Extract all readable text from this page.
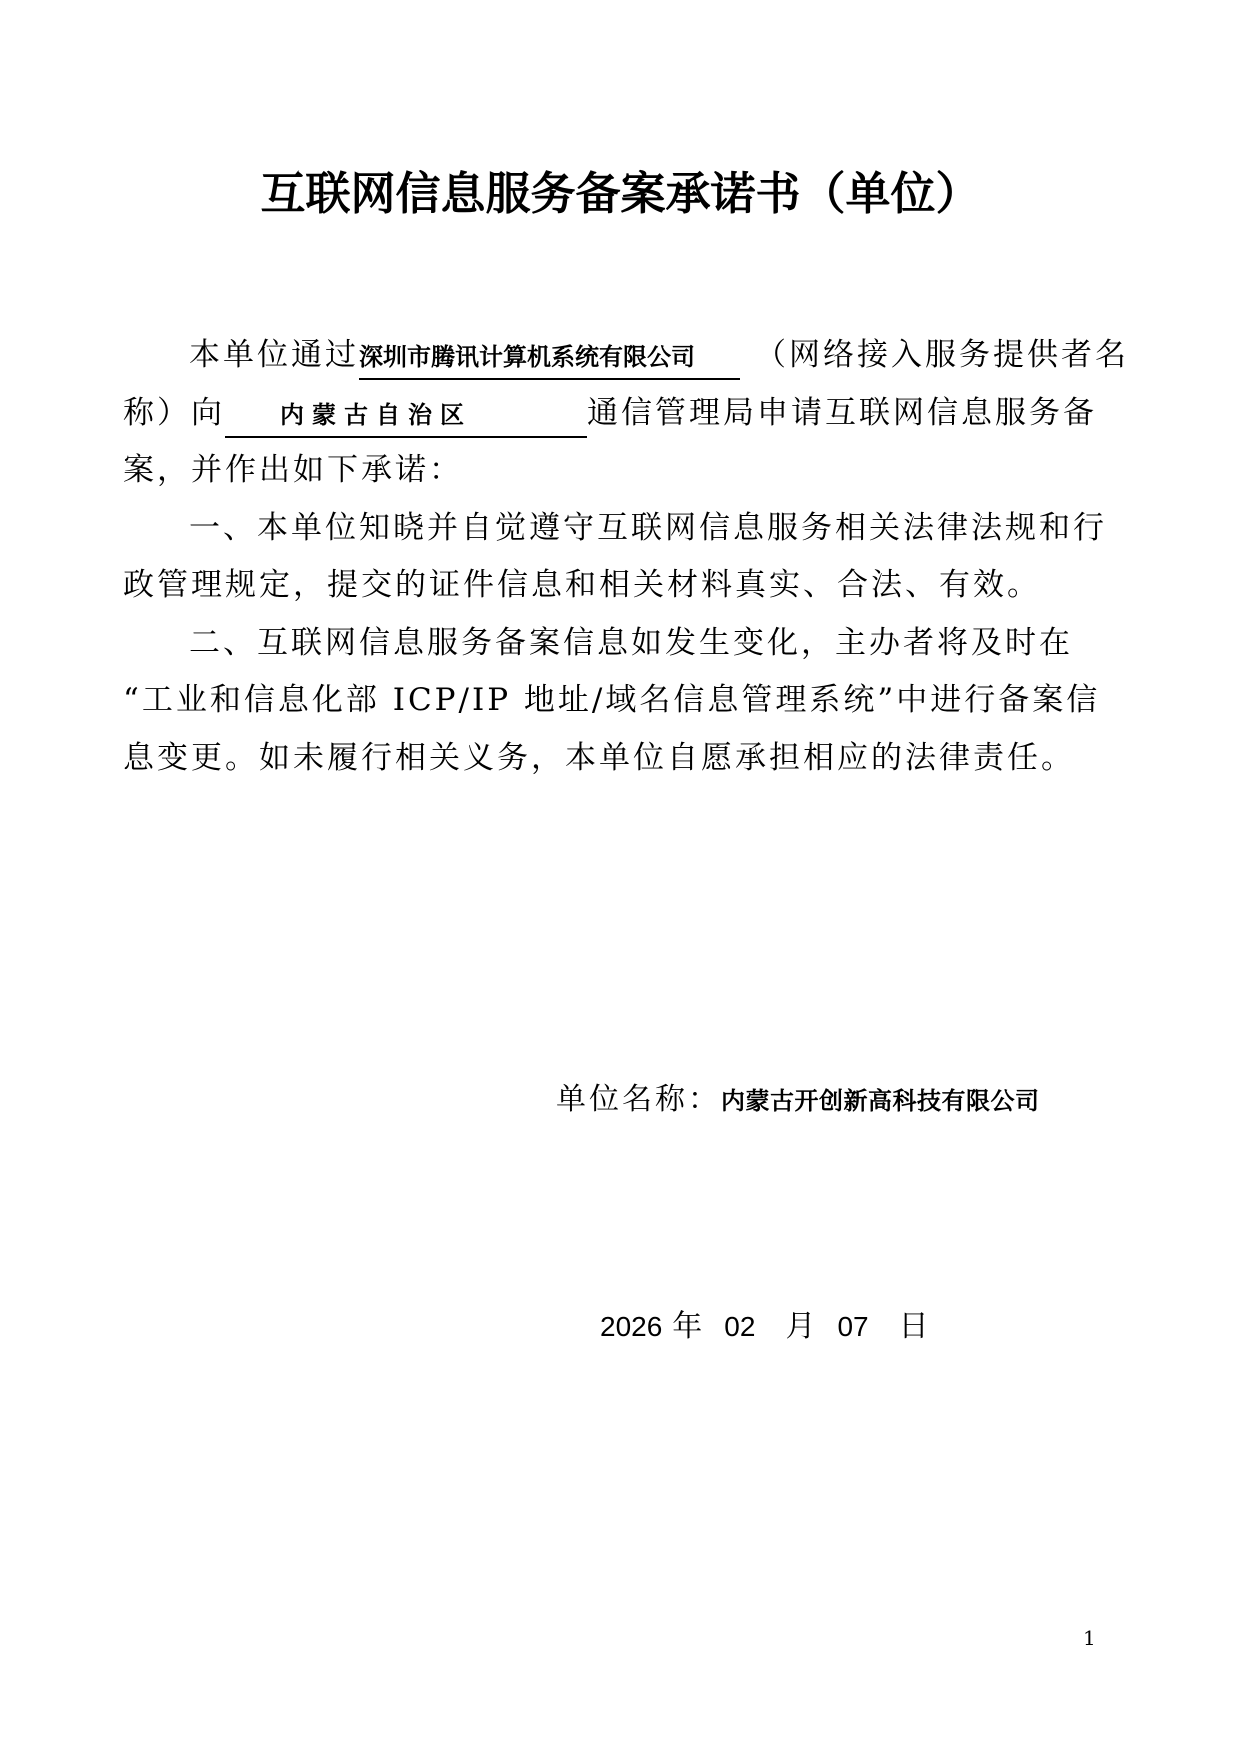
互联网信息服务备案承诺书（单位）
本单位通过深圳市腾讯计算机系统有限公司 （网络接入服务提供者名
称）向 内蒙古自治区	通信管理局申请互联网信息服务备
案，并作出如下承诺：
一、本单位知晓并自觉遵守互联网信息服务相关法律法规和行
政管理规定，提交的证件信息和相关材料真实、合法、有效。
二、互联网信息服务备案信息如发生变化，主办者将及时在
“工业和信息化部 ICP/IP 地址/域名信息管理系统”中进行备案信
息变更。如未履行相关义务，本单位自愿承担相应的法律责任。
单位名称：内蒙古开创新高科技有限公司
2026 年 02 月 07 日
1
